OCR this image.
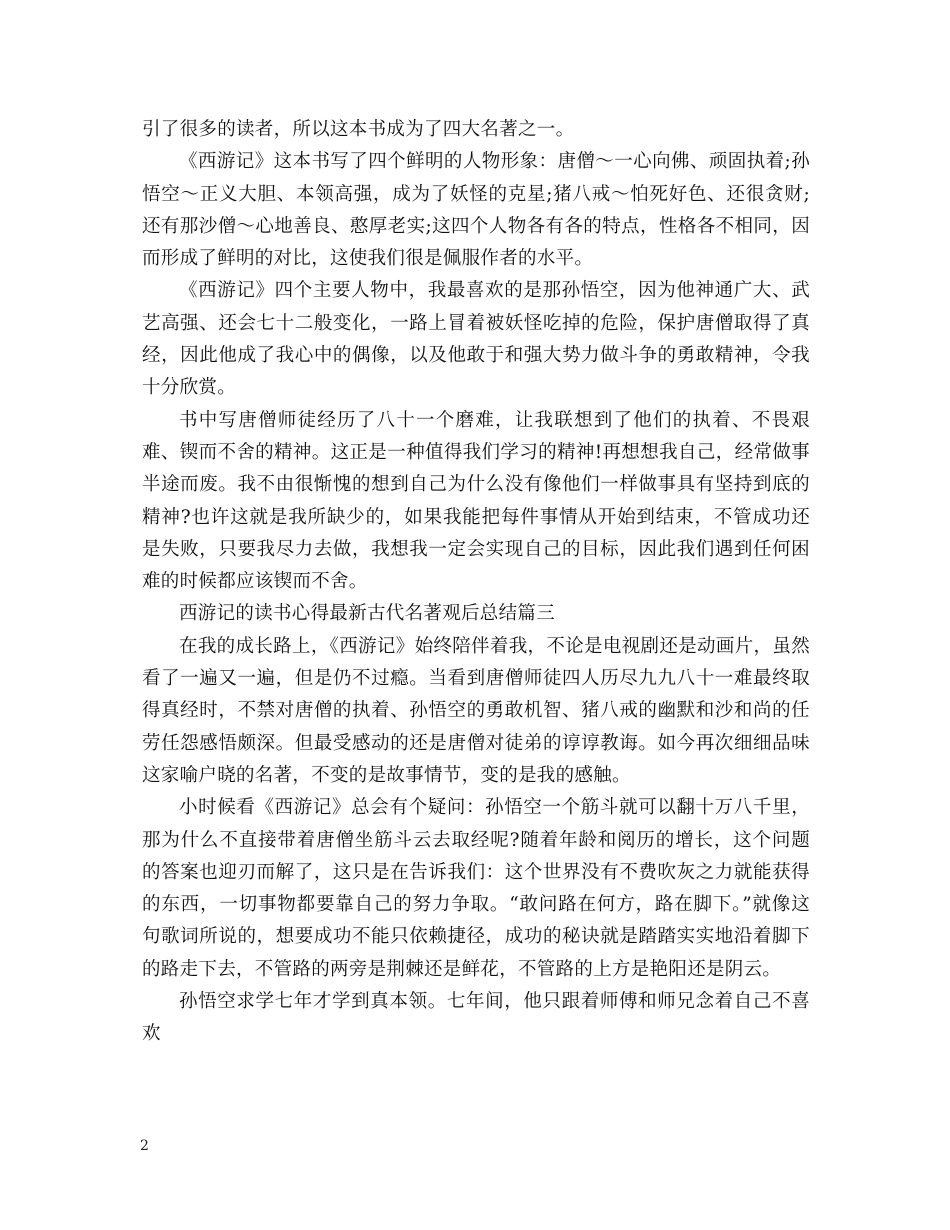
引了很多的读者，所以这本书成为了四大名著之一。

《西游记》这本书写了四个鲜明的人物形象：唐僧～一心向佛、顽固执着;孙悟空～正义大胆、本领高强，成为了妖怪的克星;猪八戒～怕死好色、还很贪财;还有那沙僧～心地善良、憨厚老实;这四个人物各有各的特点，性格各不相同，因而形成了鲜明的对比，这使我们很是佩服作者的水平。

《西游记》四个主要人物中，我最喜欢的是那孙悟空，因为他神通广大、武艺高强、还会七十二般变化，一路上冒着被妖怪吃掉的危险，保护唐僧取得了真经，因此他成了我心中的偶像，以及他敢于和强大势力做斗争的勇敢精神，令我十分欣赏。

书中写唐僧师徒经历了八十一个磨难，让我联想到了他们的执着、不畏艰难、锲而不舍的精神。这正是一种值得我们学习的精神!再想想我自己，经常做事半途而废。我不由很惭愧的想到自己为什么没有像他们一样做事具有坚持到底的精神?也许这就是我所缺少的，如果我能把每件事情从开始到结束，不管成功还是失败，只要我尽力去做，我想我一定会实现自己的目标，因此我们遇到任何困难的时候都应该锲而不舍。

西游记的读书心得最新古代名著观后总结篇三

在我的成长路上，《西游记》始终陪伴着我，不论是电视剧还是动画片，虽然看了一遍又一遍，但是仍不过瘾。当看到唐僧师徒四人历尽九九八十一难最终取得真经时，不禁对唐僧的执着、孙悟空的勇敢机智、猪八戒的幽默和沙和尚的任劳任怨感悟颇深。但最受感动的还是唐僧对徒弟的谆谆教诲。如今再次细细品味这家喻户晓的名著，不变的是故事情节，变的是我的感触。

小时候看《西游记》总会有个疑问：孙悟空一个筋斗就可以翻十万八千里，那为什么不直接带着唐僧坐筋斗云去取经呢?随着年龄和阅历的增长，这个问题的答案也迎刃而解了，这只是在告诉我们：这个世界没有不费吹灰之力就能获得的东西，一切事物都要靠自己的努力争取。“敢问路在何方，路在脚下。”就像这句歌词所说的，想要成功不能只依赖捷径，成功的秘诀就是踏踏实实地沿着脚下的路走下去，不管路的两旁是荆棘还是鲜花，不管路的上方是艳阳还是阴云。

孙悟空求学七年才学到真本领。七年间，他只跟着师傅和师兄念着自己不喜欢

2
